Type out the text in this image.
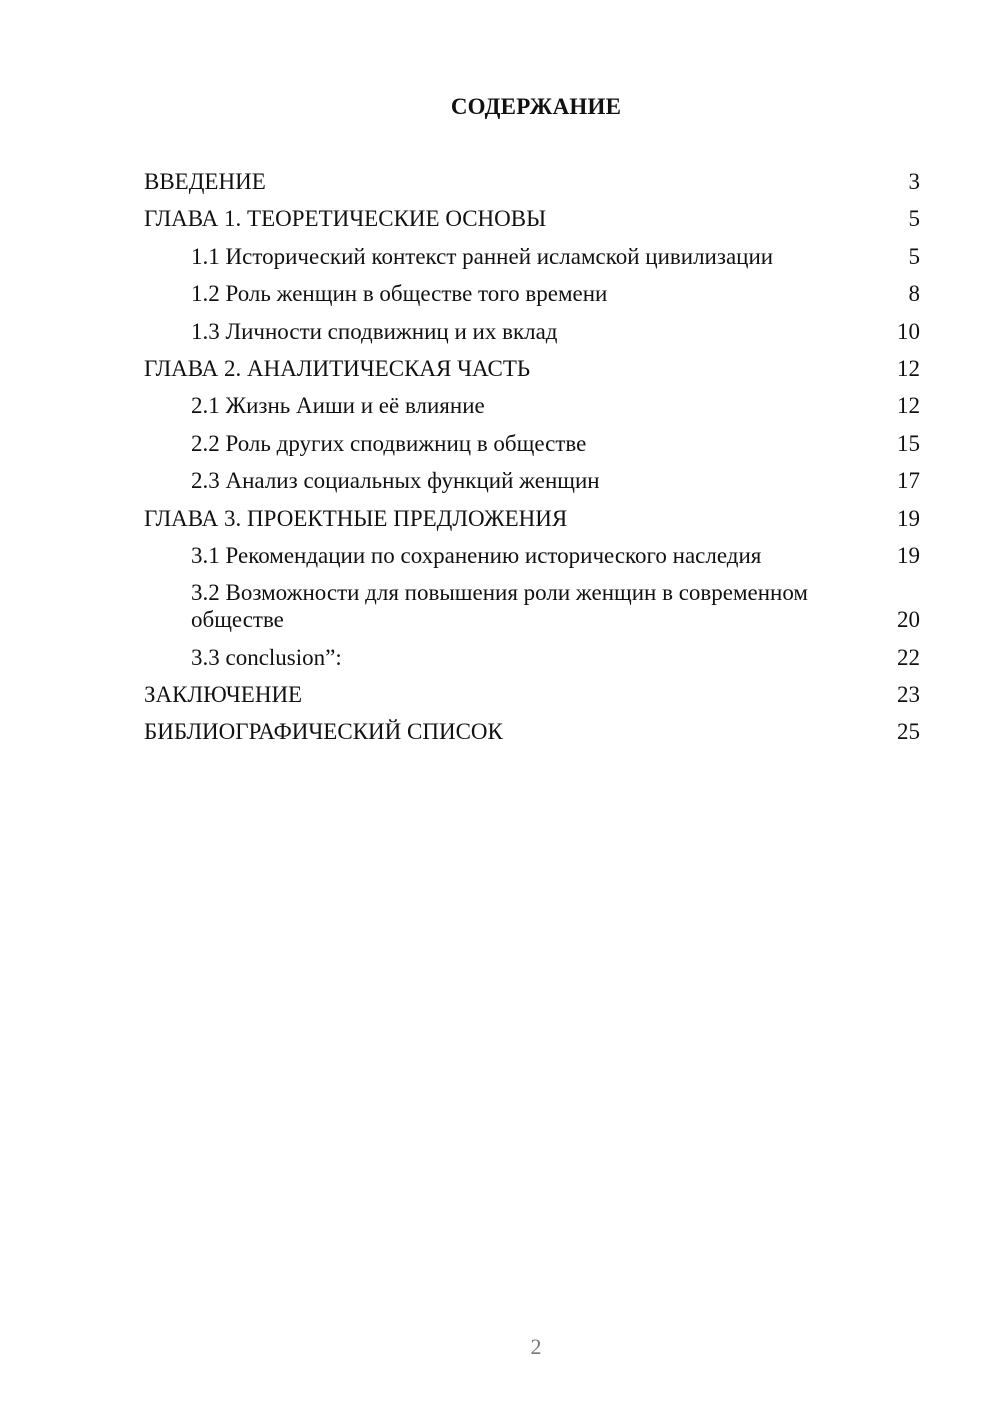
СОДЕРЖАНИЕ
ВВЕДЕНИЕ	3
ГЛАВА 1. ТЕОРЕТИЧЕСКИЕ ОСНОВЫ	5
1.1 Исторический контекст ранней исламской цивилизации	5
1.2 Роль женщин в обществе того времени	8
1.3 Личности сподвижниц и их вклад	10
ГЛАВА 2. АНАЛИТИЧЕСКАЯ ЧАСТЬ	12
2.1 Жизнь Аиши и её влияние	12
2.2 Роль других сподвижниц в обществе	15
2.3 Анализ социальных функций женщин	17
ГЛАВА 3. ПРОЕКТНЫЕ ПРЕДЛОЖЕНИЯ	19
3.1 Рекомендации по сохранению исторического наследия	19
3.2 Возможности для повышения роли женщин в современном обществе	20
3.3 conclusion”:	22
ЗАКЛЮЧЕНИЕ	23
БИБЛИОГРАФИЧЕСКИЙ СПИСОК	25
2
